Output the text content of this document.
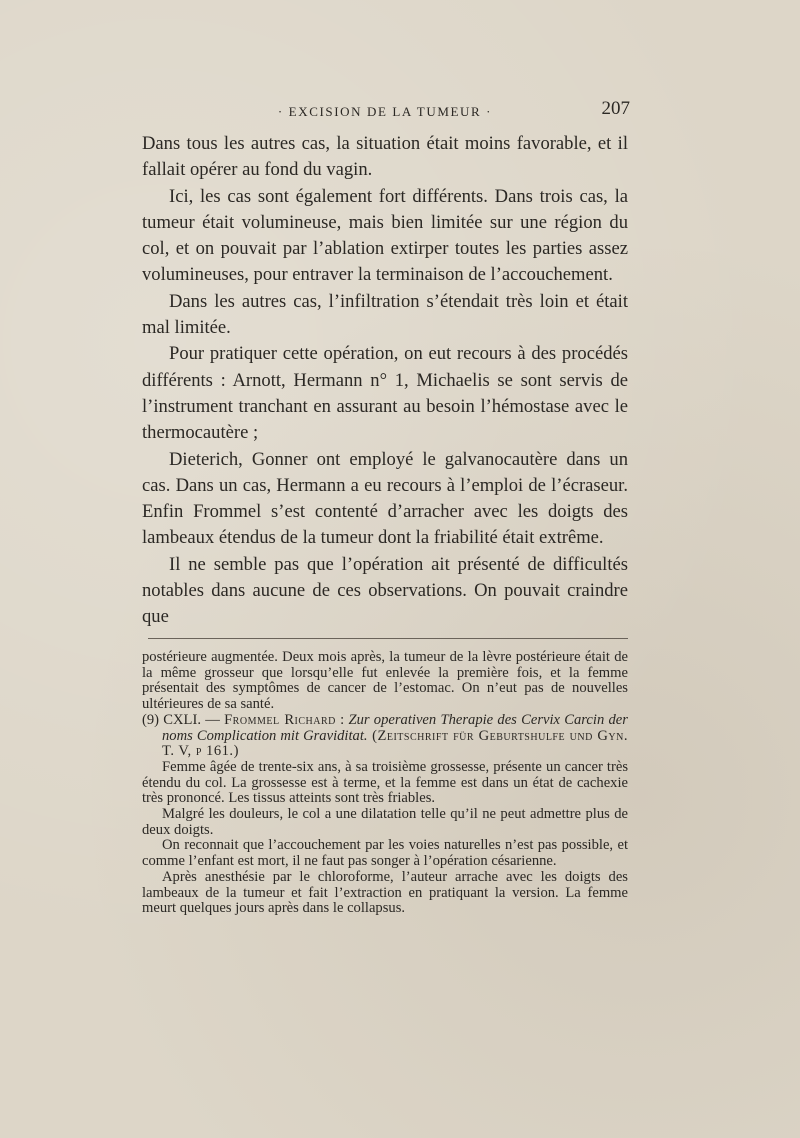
· EXCISION DE LA TUMEUR ·	207

Dans tous les autres cas, la situation était moins favorable, et il fallait opérer au fond du vagin.

Ici, les cas sont également fort différents. Dans trois cas, la tumeur était volumineuse, mais bien limitée sur une région du col, et on pouvait par l’ablation extirper toutes les parties assez volumineuses, pour entraver la terminaison de l’accouchement.

Dans les autres cas, l’infiltration s’étendait très loin et était mal limitée.

Pour pratiquer cette opération, on eut recours à des procédés différents : Arnott, Hermann n° 1, Michaelis se sont servis de l’instrument tranchant en assurant au besoin l’hémostase avec le thermocautère ;

Dieterich, Gonner ont employé le galvanocautère dans un cas. Dans un cas, Hermann a eu recours à l’emploi de l’écraseur. Enfin Frommel s’est contenté d’arracher avec les doigts des lambeaux étendus de la tumeur dont la friabilité était extrême.

Il ne semble pas que l’opération ait présenté de difficultés notables dans aucune de ces observations. On pouvait craindre que

postérieure augmentée. Deux mois après, la tumeur de la lèvre postérieure était de la même grosseur que lorsqu’elle fut enlevée la première fois, et la femme présentait des symptômes de cancer de l’estomac. On n’eut pas de nouvelles ultérieures de sa santé.

(9) CXLI. — Frommel Richard : Zur operativen Therapie des Cervix Carcin der noms Complication mit Graviditat. (Zeitschrift für Geburtshulfe und Gyn. T. V, p 161.)

Femme âgée de trente-six ans, à sa troisième grossesse, présente un cancer très étendu du col. La grossesse est à terme, et la femme est dans un état de cachexie très prononcé. Les tissus atteints sont très friables.

Malgré les douleurs, le col a une dilatation telle qu’il ne peut admettre plus de deux doigts.

On reconnait que l’accouchement par les voies naturelles n’est pas possible, et comme l’enfant est mort, il ne faut pas songer à l’opération césarienne.

Après anesthésie par le chloroforme, l’auteur arrache avec les doigts des lambeaux de la tumeur et fait l’extraction en pratiquant la version. La femme meurt quelques jours après dans le collapsus.
